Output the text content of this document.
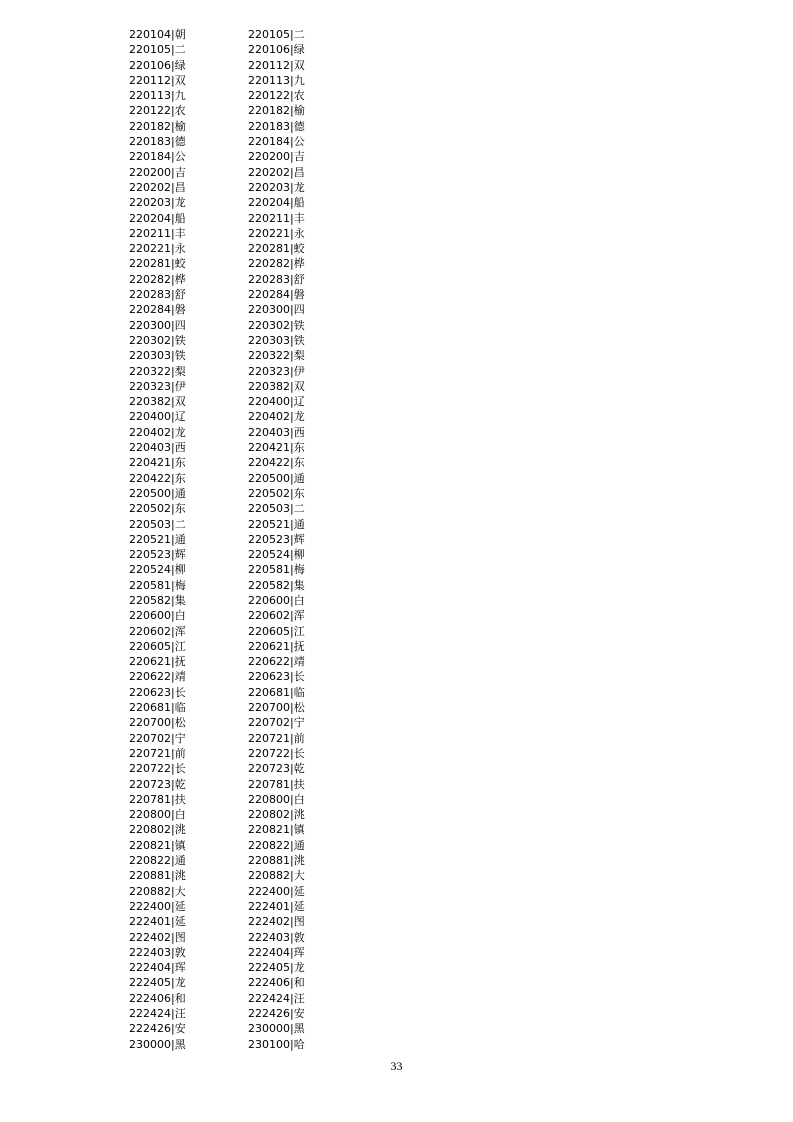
220104|朝
220105|二
220106|绿
220112|双
220113|九
220122|农
220182|榆
220183|德
220184|公
220200|吉
220202|昌
220203|龙
220204|船
220211|丰
220221|永
220281|蛟
220282|桦
220283|舒
220284|磐
220300|四
220302|铁
220303|铁
220322|梨
220323|伊
220382|双
220400|辽
220402|龙
220403|西
220421|东
220422|东
220500|通
220502|东
220503|二
220521|通
220523|辉
220524|柳
220581|梅
220582|集
220600|白
220602|浑
220605|江
220621|抚
220622|靖
220623|长
220681|临
220700|松
220702|宁
220721|前
220722|长
220723|乾
220781|扶
220800|白
220802|洮
220821|镇
220822|通
220881|洮
220882|大
222400|延
222401|延
222402|图
222403|敦
222404|珲
222405|龙
222406|和
222424|汪
222426|安
230000|黑
220105|二
220106|绿
220112|双
220113|九
220122|农
220182|榆
220183|德
220184|公
220200|吉
220202|昌
220203|龙
220204|船
220211|丰
220221|永
220281|蛟
220282|桦
220283|舒
220284|磐
220300|四
220302|铁
220303|铁
220322|梨
220323|伊
220382|双
220400|辽
220402|龙
220403|西
220421|东
220422|东
220500|通
220502|东
220503|二
220521|通
220523|辉
220524|柳
220581|梅
220582|集
220600|白
220602|浑
220605|江
220621|抚
220622|靖
220623|长
220681|临
220700|松
220702|宁
220721|前
220722|长
220723|乾
220781|扶
220800|白
220802|洮
220821|镇
220822|通
220881|洮
220882|大
222400|延
222401|延
222402|图
222403|敦
222404|珲
222405|龙
222406|和
222424|汪
222426|安
230000|黑
230100|哈
33
